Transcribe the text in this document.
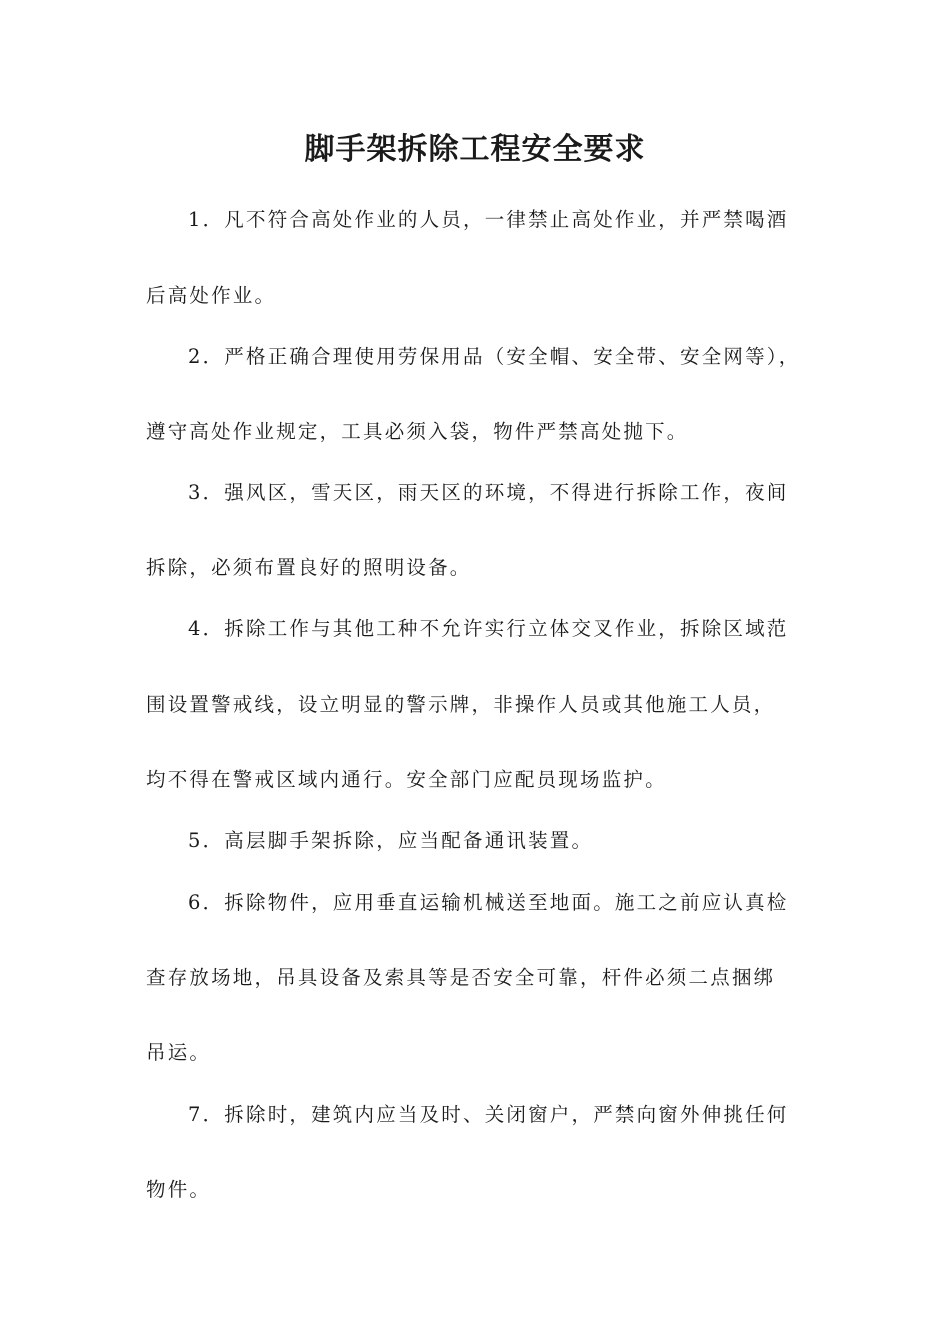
脚手架拆除工程安全要求

1．凡不符合高处作业的人员，一律禁止高处作业，并严禁喝酒

后高处作业。

2．严格正确合理使用劳保用品（安全帽、安全带、安全网等），

遵守高处作业规定，工具必须入袋，物件严禁高处抛下。

3．强风区，雪天区，雨天区的环境，不得进行拆除工作，夜间

拆除，必须布置良好的照明设备。

4．拆除工作与其他工种不允许实行立体交叉作业，拆除区域范

围设置警戒线，设立明显的警示牌，非操作人员或其他施工人员，

均不得在警戒区域内通行。安全部门应配员现场监护。

5．高层脚手架拆除，应当配备通讯装置。

6．拆除物件，应用垂直运输机械送至地面。施工之前应认真检

查存放场地，吊具设备及索具等是否安全可靠，杆件必须二点捆绑

吊运。

7．拆除时，建筑内应当及时、关闭窗户，严禁向窗外伸挑任何

物件。
